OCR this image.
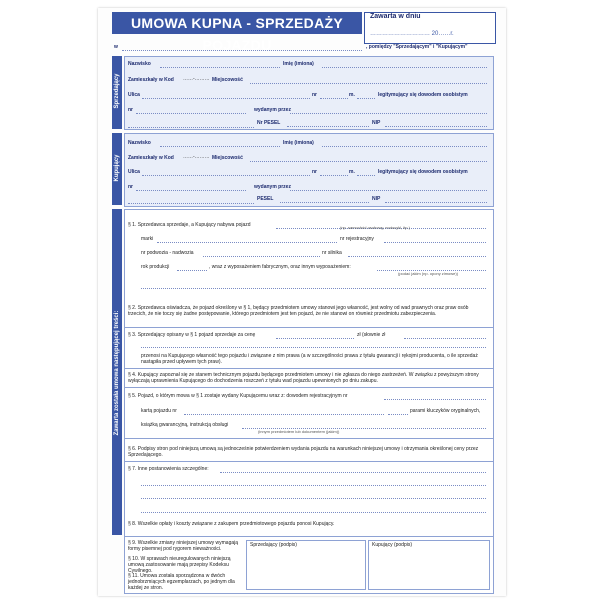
UMOWA KUPNA - SPRZEDAŻY POJAZDU
Zawarta w dniu
………………………… 20……r.
w	, pomiędzy "Sprzedającym" i "Kupującym"
Sprzedający
Nazwisko	Imię (imiona)
Zamieszkały w Kod ……-……… Miejscowość
Ulica	nr	m.	legitymujący się dowodem osobistym
nr	wydanym przez
Nr PESEL	NIP
Kupujący
Nazwisko	Imię (imiona)
Zamieszkały w Kod ……-……… Miejscowość
Ulica	nr	m.	legitymujący się dowodem osobistym
nr	wydanym przez
PESEL	NIP
Zawarta została umowa następującej treści:
§ 1. Sprzedawca sprzedaje, a Kupujący nabywa pojazd	(np. samochód osobowy, motocykl, itp.)
marki	nr rejestracyjny
nr podwozia - nadwozia	nr silnika
rok produkcji	, wraz z wyposażeniem fabrycznym, oraz innym wyposażeniem:
(podać jakim (np. opony zimowe))
§ 2. Sprzedawca oświadcza, że pojazd określony w § 1, będący przedmiotem umowy stanowi jego własność, jest wolny od wad prawnych oraz praw osób trzecich, że nie toczy się żadne postępowanie, którego przedmiotem jest ten pojazd, że nie stanowi on również przedmiotu zabezpieczenia.
§ 3. Sprzedający opisany w § 1 pojazd sprzedaje za cenę	zł (słownie zł
przenosi na Kupującego własność tego pojazdu i związane z nim prawa (a w szczególności prawa z tytułu gwarancji i rękojmi producenta, o ile sprzedaż nastąpiła przed upływem tych praw).
§ 4. Kupujący zapoznał się ze stanem technicznym pojazdu będącego przedmiotem umowy i nie zgłasza do niego zastrzeżeń. W związku z powyższym strony wyłączają uprawnienia Kupującego do dochodzenia roszczeń z tytułu wad pojazdu upewnionych po dniu zakupu.
§ 5. Pojazd, o którym mowa w § 1 zostaje wydany Kupującemu wraz z: dowodem rejestracyjnym nr
kartą pojazdu nr	parami kluczyków oryginalnych,
książką gwarancyjną, instrukcją obsługi
(innym przedmiotem lub dokumentem (jakim))
§ 6. Podpisy stron pod niniejszą umową są jednocześnie potwierdzeniem wydania pojazdu na warunkach niniejszej umowy i otrzymania określonej ceny przez Sprzedającego.
§ 7. Inne postanowienia szczególne:
§ 8. Wszelkie opłaty i koszty związane z zakupem przedmiotowego pojazdu ponosi Kupujący.
§ 9. Wszelkie zmiany niniejszej umowy wymagają formy pisemnej pod rygorem nieważności.
§ 10. W sprawach nieuregulowanych niniejszą umową zastosowanie mają przepisy Kodeksu Cywilnego.
§ 11. Umowa została sporządzona w dwóch jednobrzmiących egzemplarzach, po jednym dla każdej ze stron.
Sprzedający (podpis)	Kupujący (podpis)
